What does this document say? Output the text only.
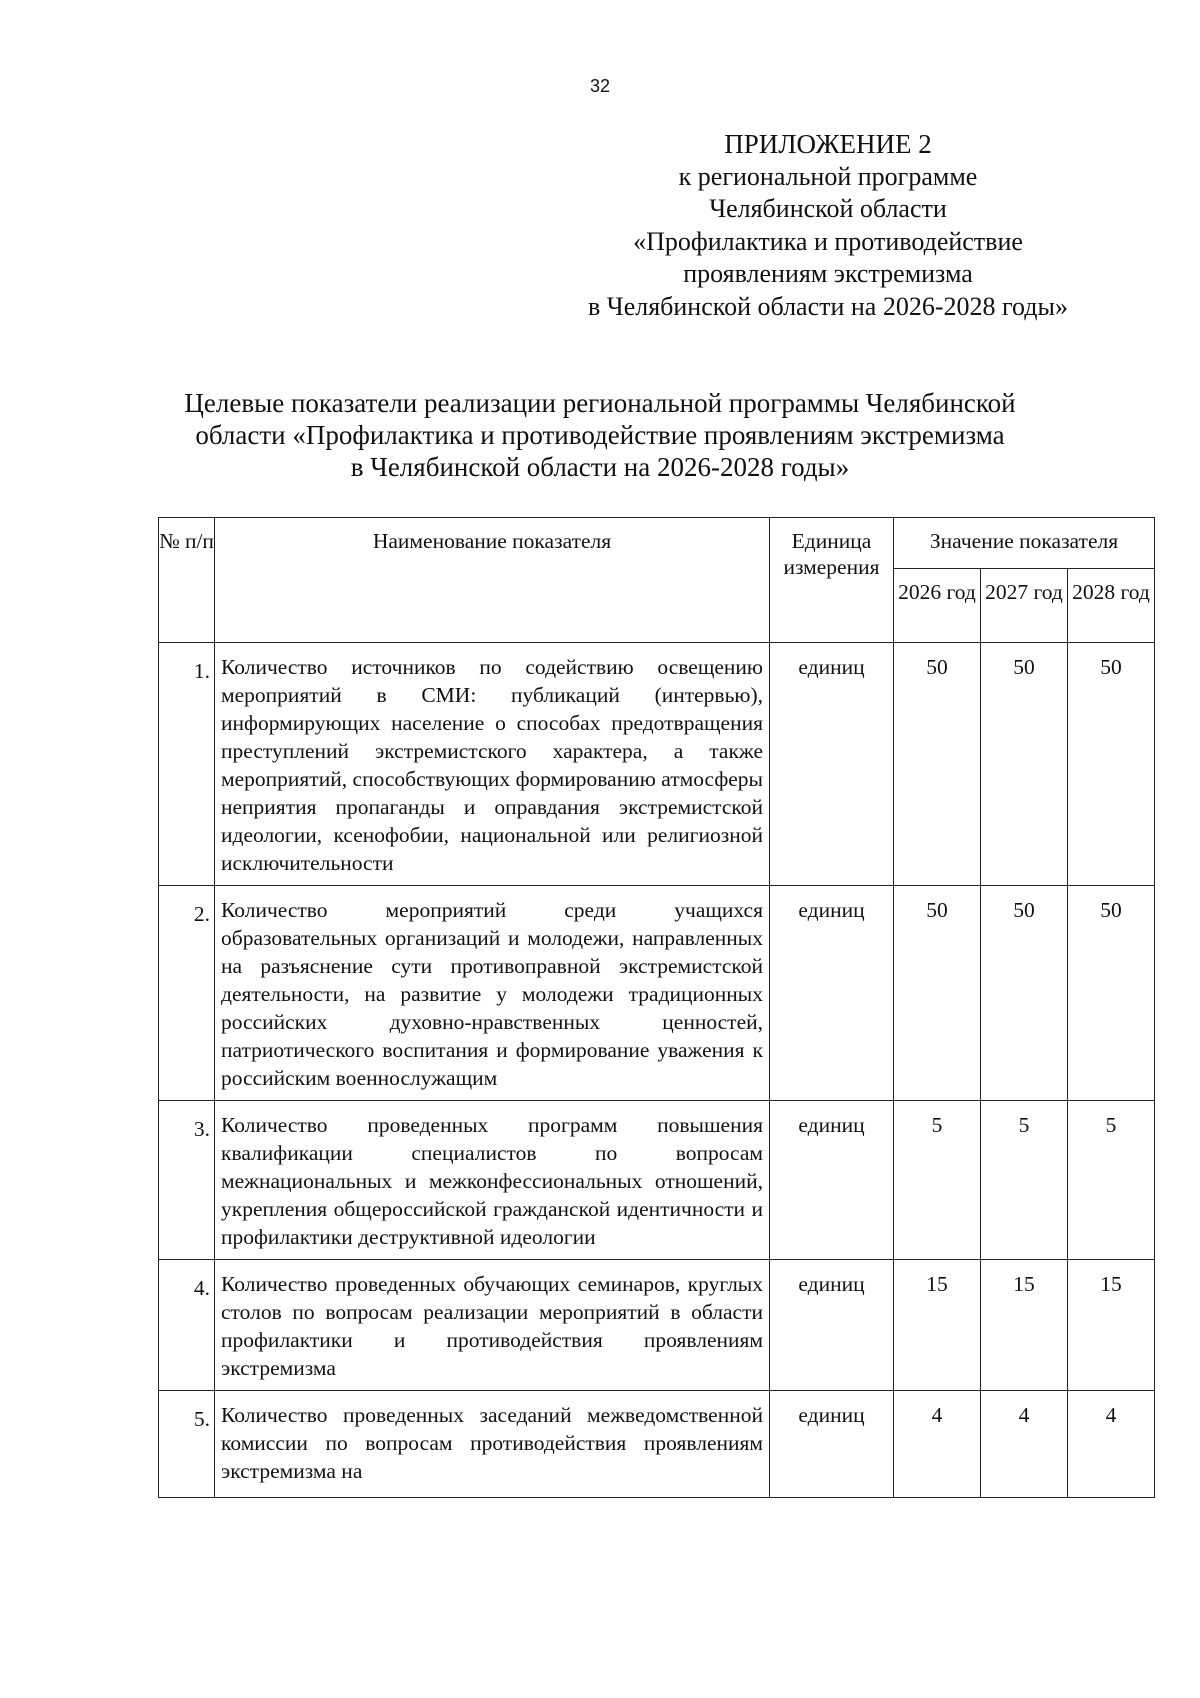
32
ПРИЛОЖЕНИЕ 2
к региональной программе
Челябинской области
«Профилактика и противодействие
проявлениям экстремизма
в Челябинской области на 2026-2028 годы»
Целевые показатели реализации региональной программы Челябинской
области «Профилактика и противодействие проявлениям экстремизма
в Челябинской области на 2026-2028 годы»
№ п/п	Наименование показателя	Единица измерения	Значение показателя		
			2026 год	2027 год	2028 год
1.	Количество источников по содействию освещению мероприятий в СМИ: публикаций (интервью), информирующих население о способах предотвращения преступлений экстремистского характера, а также мероприятий, способствующих формированию атмосферы неприятия пропаганды и оправдания экстремистской идеологии, ксенофобии, национальной или религиозной исключительности	единиц	50	50	50
2.	Количество мероприятий среди учащихся образовательных организаций и молодежи, направленных на разъяснение сути противоправной экстремистской деятельности, на развитие у молодежи традиционных российских духовно-нравственных ценностей, патриотического воспитания и формирование уважения к российским военнослужащим	единиц	50	50	50
3.	Количество проведенных программ повышения квалификации специалистов по вопросам межнациональных и межконфессиональных отношений, укрепления общероссийской гражданской идентичности и профилактики деструктивной идеологии	единиц	5	5	5
4.	Количество проведенных обучающих семинаров, круглых столов по вопросам реализации мероприятий в области профилактики и противодействия проявлениям экстремизма	единиц	15	15	15
5.	Количество проведенных заседаний межведомственной комиссии по вопросам противодействия проявлениям экстремизма на	единиц	4	4	4
